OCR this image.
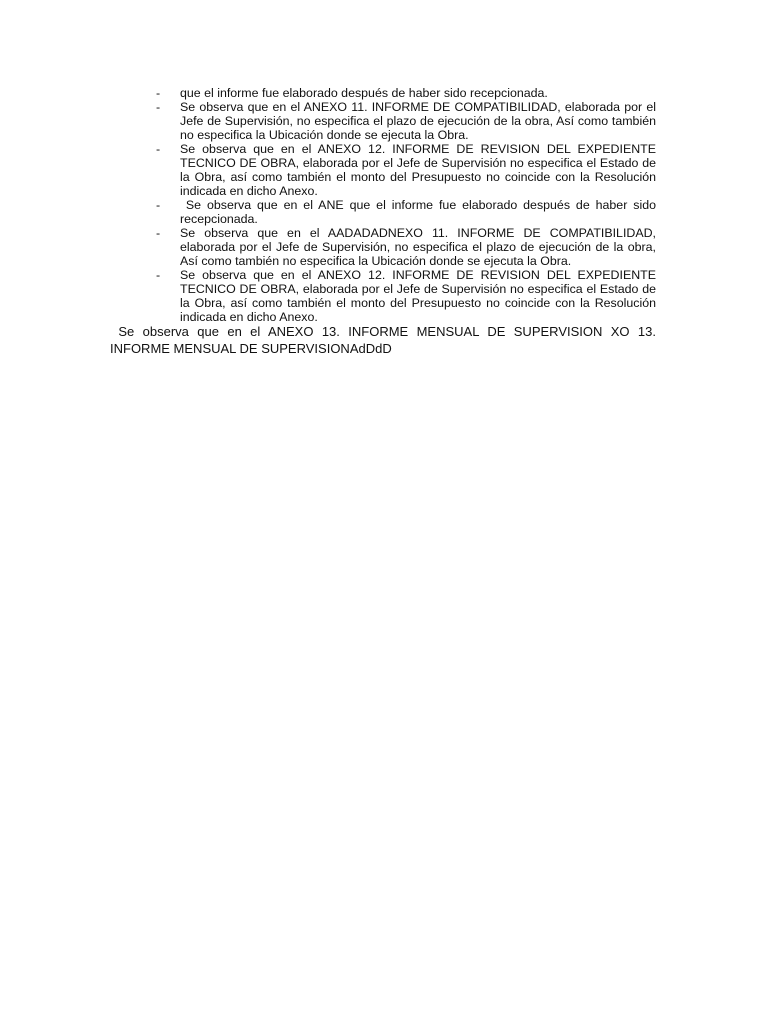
-	que el informe fue elaborado después de haber sido recepcionada.
-	Se observa que en el ANEXO 11. INFORME DE COMPATIBILIDAD, elaborada por el Jefe de Supervisión, no especifica el plazo de ejecución de la obra, Así como también no especifica la Ubicación donde se ejecuta la Obra.
-	Se observa que en el ANEXO 12. INFORME DE REVISION DEL EXPEDIENTE TECNICO DE OBRA, elaborada por el Jefe de Supervisión no especifica el Estado de la Obra, así como también el monto del Presupuesto no coincide con la Resolución indicada en dicho Anexo.
-	Se observa que en el ANE que el informe fue elaborado después de haber sido recepcionada.
-	Se observa que en el AADADADNEXO 11. INFORME DE COMPATIBILIDAD, elaborada por el Jefe de Supervisión, no especifica el plazo de ejecución de la obra, Así como también no especifica la Ubicación donde se ejecuta la Obra.
-	Se observa que en el ANEXO 12. INFORME DE REVISION DEL EXPEDIENTE TECNICO DE OBRA, elaborada por el Jefe de Supervisión no especifica el Estado de la Obra, así como también el monto del Presupuesto no coincide con la Resolución indicada en dicho Anexo.

Se observa que en el ANEXO 13. INFORME MENSUAL DE SUPERVISION XO 13. INFORME MENSUAL DE SUPERVISIONAdDdD
